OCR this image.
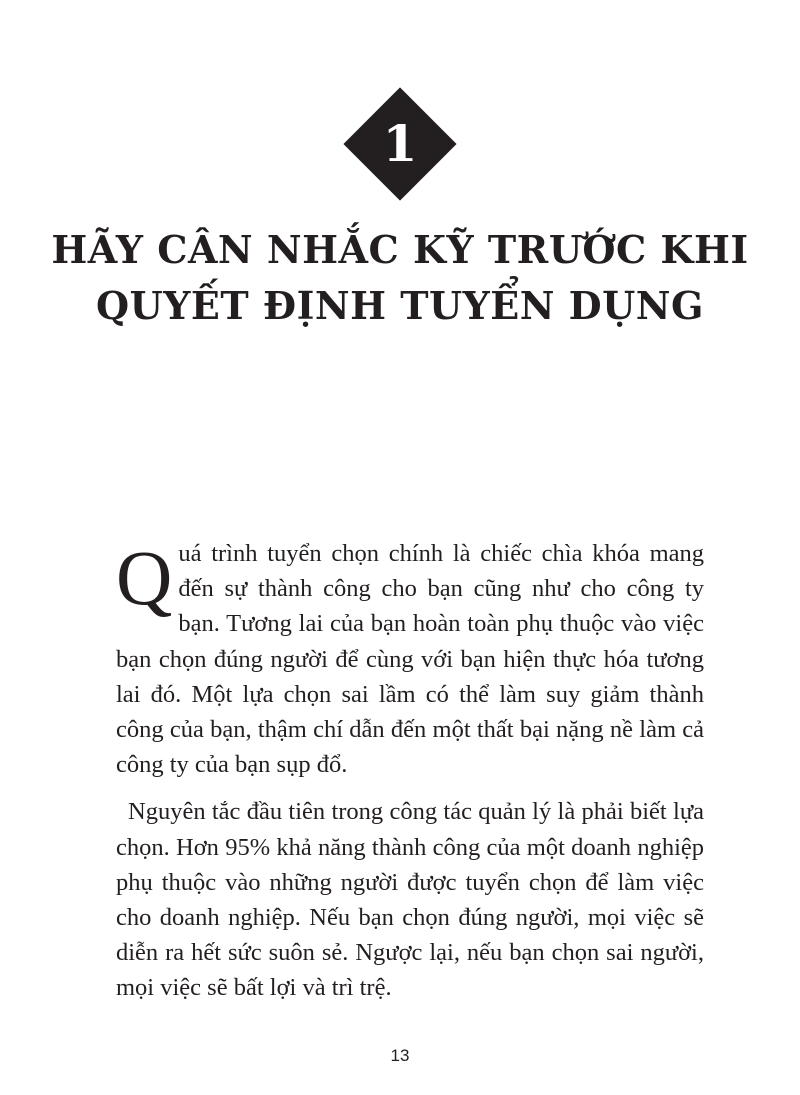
1
HÃY CÂN NHẮC KỸ TRƯỚC KHI
QUYẾT ĐỊNH TUYỂN DỤNG

Quá trình tuyển chọn chính là chiếc chìa khóa mang đến sự thành công cho bạn cũng như cho công ty bạn. Tương lai của bạn hoàn toàn phụ thuộc vào việc bạn chọn đúng người để cùng với bạn hiện thực hóa tương lai đó. Một lựa chọn sai lầm có thể làm suy giảm thành công của bạn, thậm chí dẫn đến một thất bại nặng nề làm cả công ty của bạn sụp đổ.

Nguyên tắc đầu tiên trong công tác quản lý là phải biết lựa chọn. Hơn 95% khả năng thành công của một doanh nghiệp phụ thuộc vào những người được tuyển chọn để làm việc cho doanh nghiệp. Nếu bạn chọn đúng người, mọi việc sẽ diễn ra hết sức suôn sẻ. Ngược lại, nếu bạn chọn sai người, mọi việc sẽ bất lợi và trì trệ.

13
